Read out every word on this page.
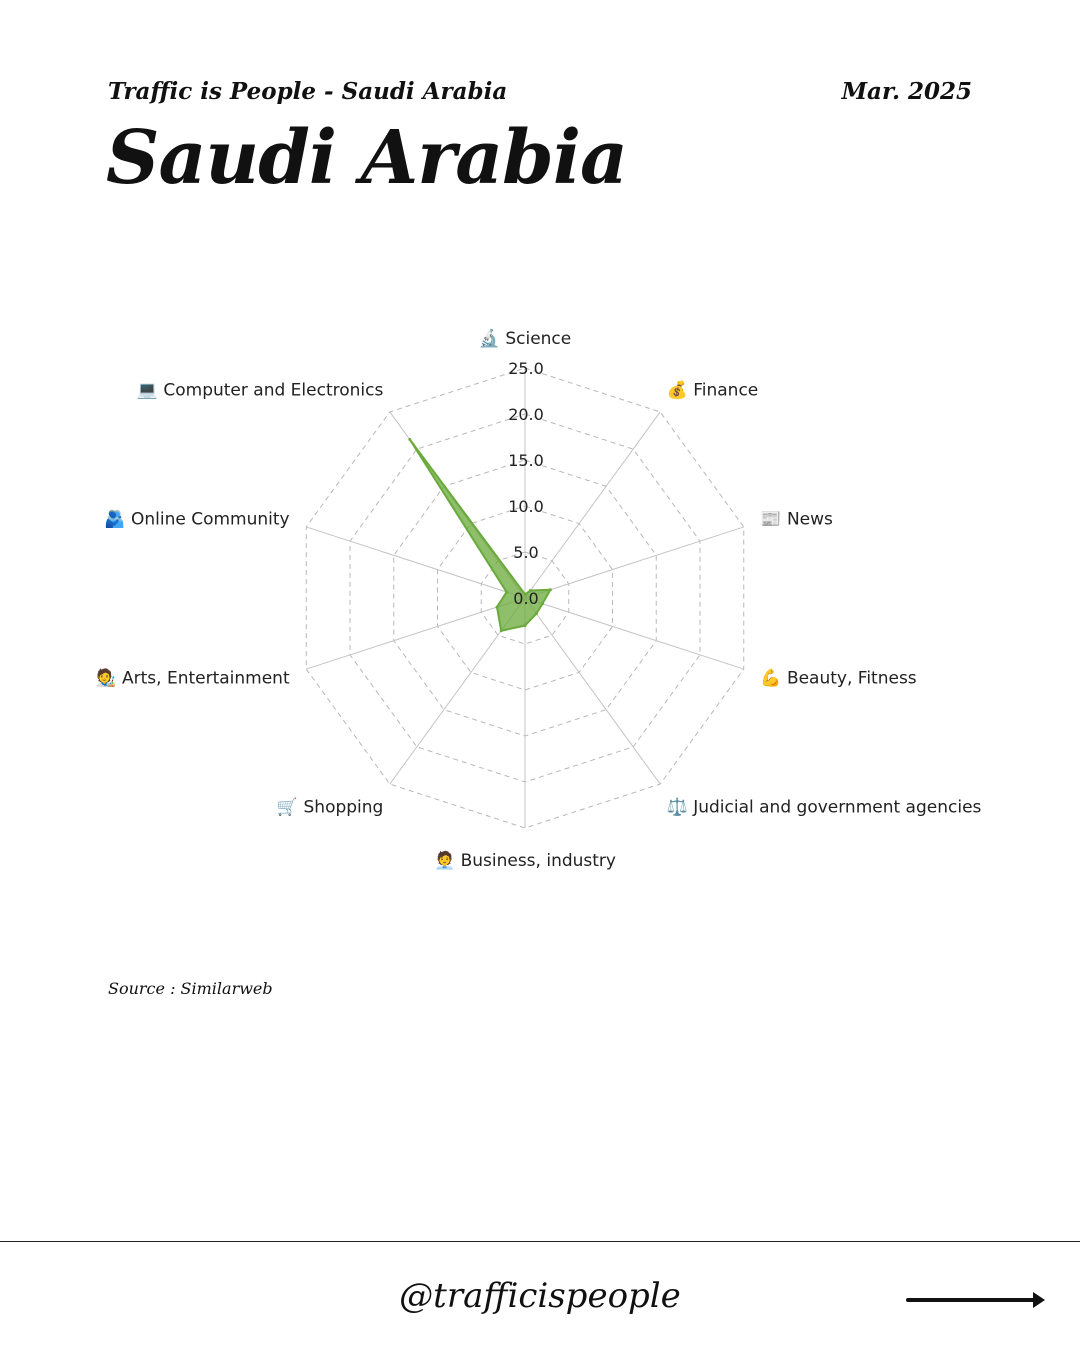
Traffic is People - Saudi Arabia	Mar. 2025
Saudi Arabia
0.0
5.0
10.0
15.0
20.0
25.0
🔬 Science
💰 Finance
📰 News
💪 Beauty, Fitness
⚖️ Judicial and government agencies
🧑‍💼 Business, industry
🛒 Shopping
🧑‍🎨 Arts, Entertainment
🫂 Online Community
💻 Computer and Electronics
Source : Similarweb
@trafficispeople
